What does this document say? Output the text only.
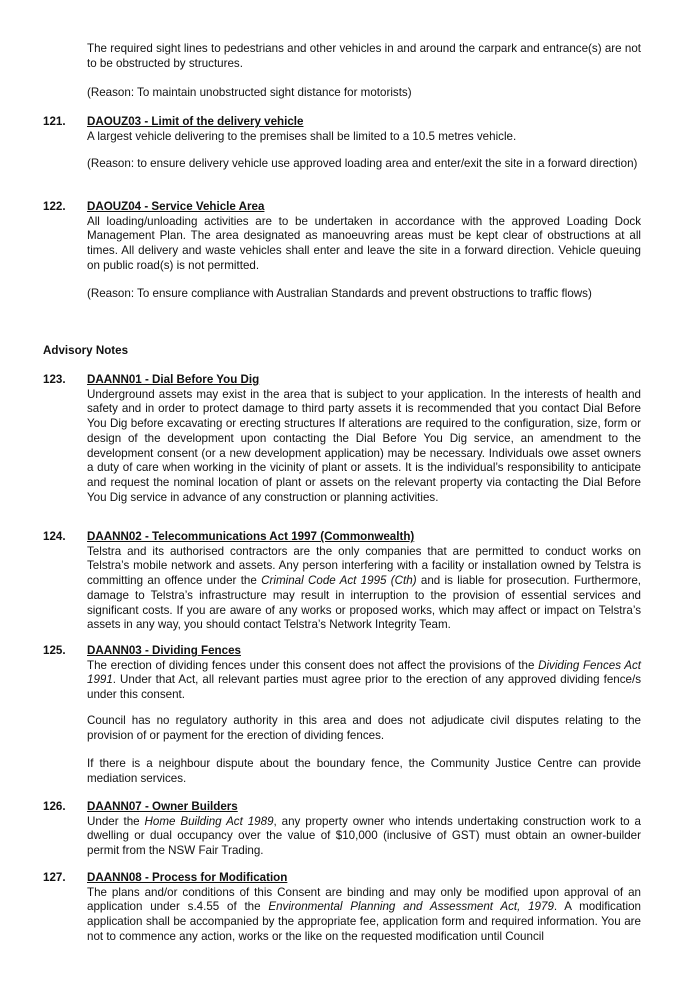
The required sight lines to pedestrians and other vehicles in and around the carpark and entrance(s) are not to be obstructed by structures.

(Reason: To maintain unobstructed sight distance for motorists)

121. DAOUZ03 - Limit of the delivery vehicle
A largest vehicle delivering to the premises shall be limited to a 10.5 metres vehicle.

(Reason: to ensure delivery vehicle use approved loading area and enter/exit the site in a forward direction)

122. DAOUZ04 - Service Vehicle Area
All loading/unloading activities are to be undertaken in accordance with the approved Loading Dock Management Plan. The area designated as manoeuvring areas must be kept clear of obstructions at all times. All delivery and waste vehicles shall enter and leave the site in a forward direction. Vehicle queuing on public road(s) is not permitted.

(Reason: To ensure compliance with Australian Standards and prevent obstructions to traffic flows)

Advisory Notes

123. DAANN01 - Dial Before You Dig
Underground assets may exist in the area that is subject to your application. In the interests of health and safety and in order to protect damage to third party assets it is recommended that you contact Dial Before You Dig before excavating or erecting structures If alterations are required to the configuration, size, form or design of the development upon contacting the Dial Before You Dig service, an amendment to the development consent (or a new development application) may be necessary. Individuals owe asset owners a duty of care when working in the vicinity of plant or assets. It is the individual’s responsibility to anticipate and request the nominal location of plant or assets on the relevant property via contacting the Dial Before You Dig service in advance of any construction or planning activities.

124. DAANN02 - Telecommunications Act 1997 (Commonwealth)
Telstra and its authorised contractors are the only companies that are permitted to conduct works on Telstra’s mobile network and assets. Any person interfering with a facility or installation owned by Telstra is committing an offence under the Criminal Code Act 1995 (Cth) and is liable for prosecution. Furthermore, damage to Telstra’s infrastructure may result in interruption to the provision of essential services and significant costs. If you are aware of any works or proposed works, which may affect or impact on Telstra’s assets in any way, you should contact Telstra’s Network Integrity Team.

125. DAANN03 - Dividing Fences
The erection of dividing fences under this consent does not affect the provisions of the Dividing Fences Act 1991. Under that Act, all relevant parties must agree prior to the erection of any approved dividing fence/s under this consent.

Council has no regulatory authority in this area and does not adjudicate civil disputes relating to the provision of or payment for the erection of dividing fences.

If there is a neighbour dispute about the boundary fence, the Community Justice Centre can provide mediation services.

126. DAANN07 - Owner Builders
Under the Home Building Act 1989, any property owner who intends undertaking construction work to a dwelling or dual occupancy over the value of $10,000 (inclusive of GST) must obtain an owner-builder permit from the NSW Fair Trading.

127. DAANN08 - Process for Modification
The plans and/or conditions of this Consent are binding and may only be modified upon approval of an application under s.4.55 of the Environmental Planning and Assessment Act, 1979. A modification application shall be accompanied by the appropriate fee, application form and required information. You are not to commence any action, works or the like on the requested modification until Council
